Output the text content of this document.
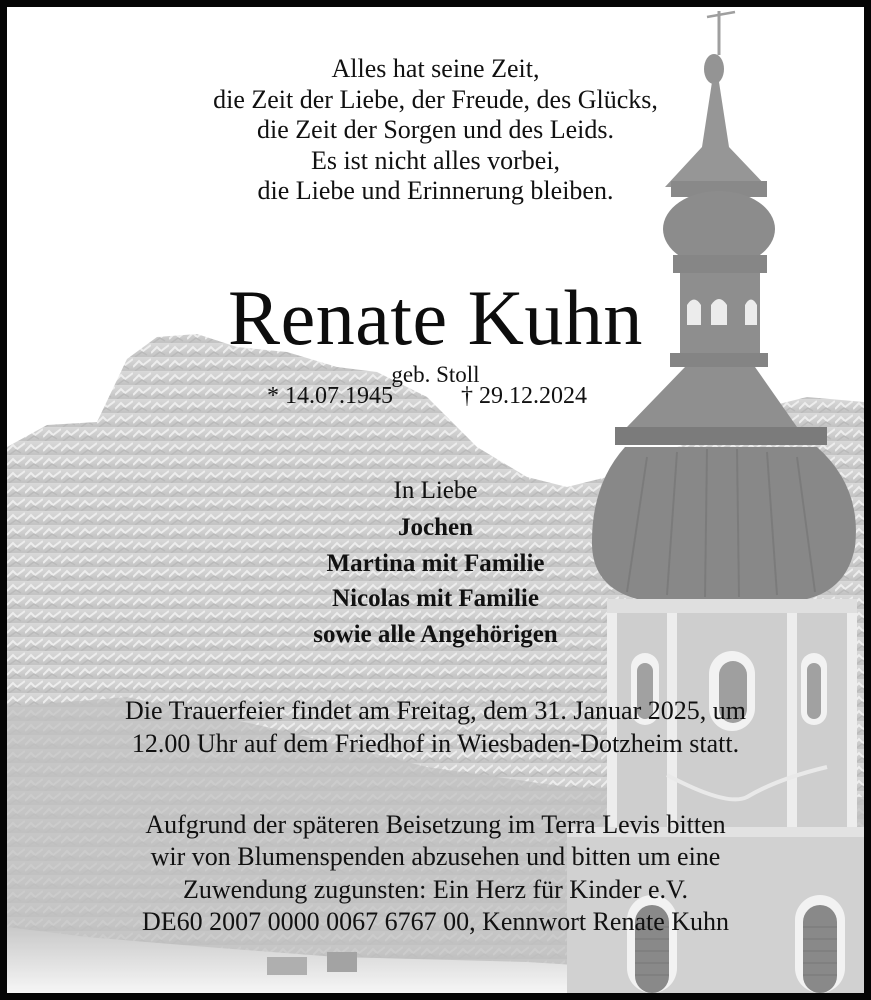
Alles hat seine Zeit,
die Zeit der Liebe, der Freude, des Glücks,
die Zeit der Sorgen und des Leids.
Es ist nicht alles vorbei,
die Liebe und Erinnerung bleiben.
Renate Kuhn
geb. Stoll
* 14.07.1945	† 29.12.2024
In Liebe
Jochen
Martina mit Familie
Nicolas mit Familie
sowie alle Angehörigen
Die Trauerfeier findet am Freitag, dem 31. Januar 2025, um
12.00 Uhr auf dem Friedhof in Wiesbaden-Dotzheim statt.
Aufgrund der späteren Beisetzung im Terra Levis bitten
wir von Blumenspenden abzusehen und bitten um eine
Zuwendung zugunsten: Ein Herz für Kinder e.V.
DE60 2007 0000 0067 6767 00, Kennwort Renate Kuhn
